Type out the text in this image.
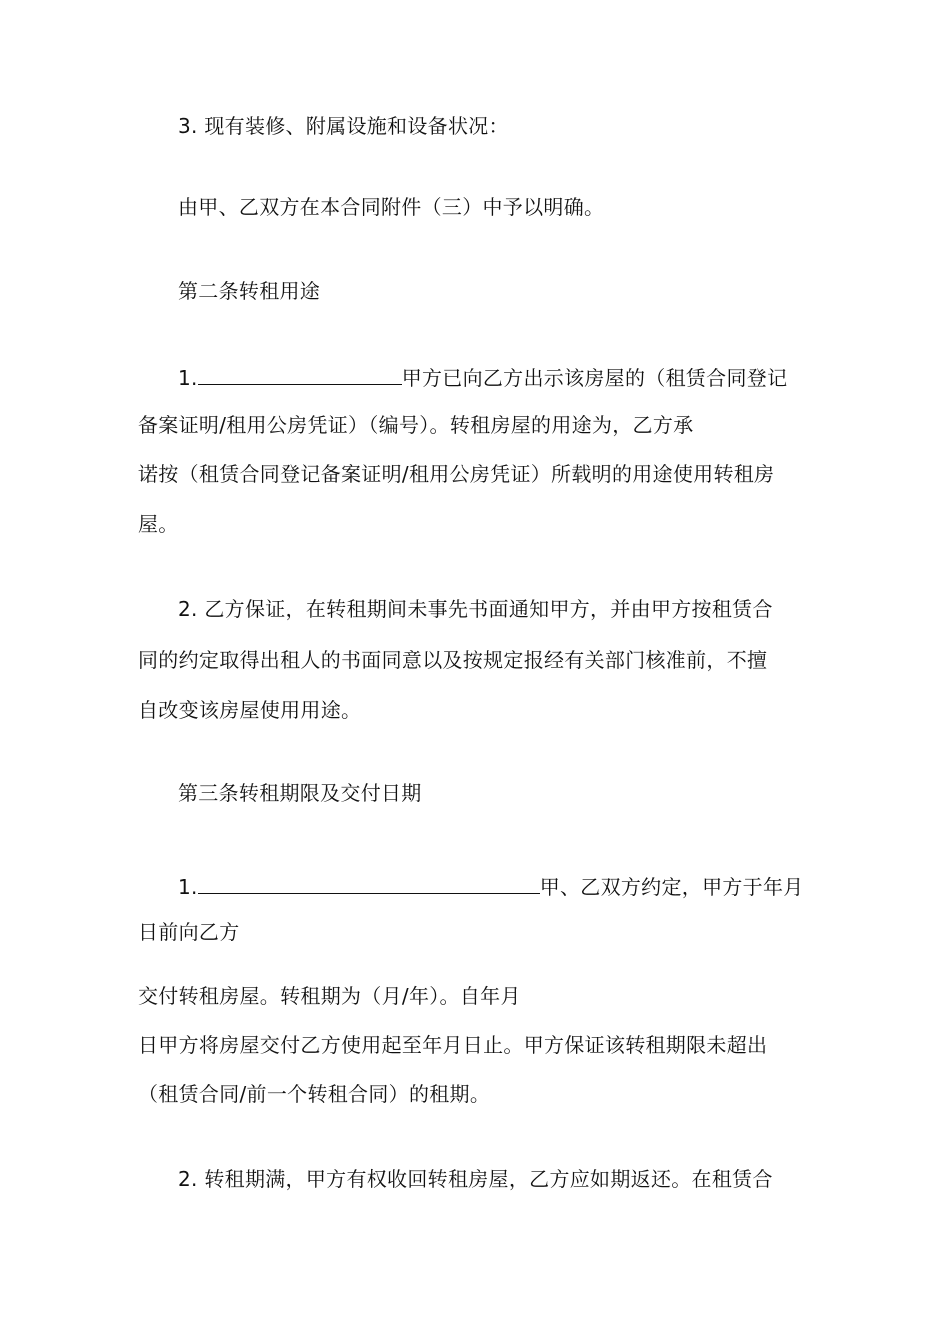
3. 现有装修、附属设施和设备状况：
由甲、乙双方在本合同附件（三）中予以明确。
第二条转租用途
1.	甲方已向乙方出示该房屋的（租赁合同登记
备案证明/租用公房凭证）（编号）。转租房屋的用途为，乙方承
诺按（租赁合同登记备案证明/租用公房凭证）所载明的用途使用转租房
屋。
2. 乙方保证，在转租期间未事先书面通知甲方，并由甲方按租赁合
同的约定取得出租人的书面同意以及按规定报经有关部门核准前，不擅
自改变该房屋使用用途。
第三条转租期限及交付日期
1.	甲、乙双方约定，甲方于年月
日前向乙方
交付转租房屋。转租期为（月/年）。自年月
日甲方将房屋交付乙方使用起至年月日止。甲方保证该转租期限未超出
（租赁合同/前一个转租合同）的租期。
2. 转租期满，甲方有权收回转租房屋，乙方应如期返还。在租赁合
